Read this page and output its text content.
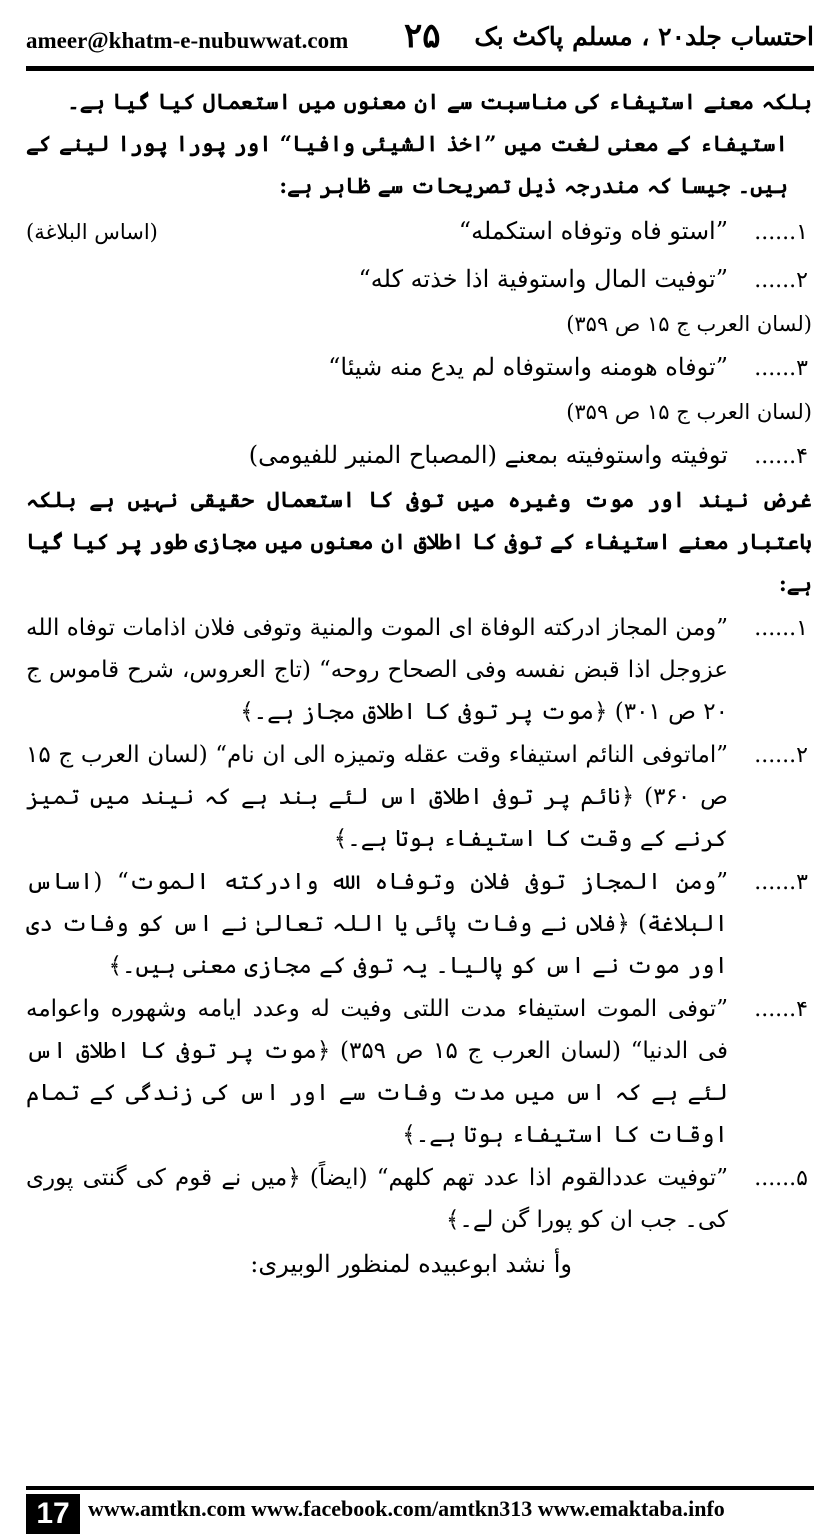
ameer@khatm-e-nubuwwat.com ۲۵ احتساب جلد۲۰ ، مسلم پاکٹ بک

بلکہ معنے استیفاء کی مناسبت سے ان معنوں میں استعمال کیا گیا ہے۔

استیفاء کے معنی لغت میں ”اخذ الشیئی وافیا“ اور پورا پورا لینے کے ہیں۔ جیسا کہ مندرجہ ذیل تصریحات سے ظاہر ہے:

۱......
”استو فاه وتوفاه استكمله“
(اساس البلاغة)
۲......
”توفيت المال واستوفية اذا خذته كله“

(لسان العرب ج ۱۵ ص ۳۵۹)

۳......
”توفاه هومنه واستوفاه لم يدع منه شيئا“

(لسان العرب ج ۱۵ ص ۳۵۹)

۴......
توفيته واستوفيته بمعنے (المصباح المنير للفيومى)

غرض نیند اور موت وغیرہ میں توفی کا استعمال حقیقی نہیں ہے بلکہ باعتبار معنے استیفاء کے توفی کا اطلاق ان معنوں میں مجازی طور پر کیا گیا ہے:

۱......
”ومن المجاز ادركته الوفاة اى الموت والمنية وتوفى فلان اذامات توفاه الله عزوجل اذا قبض نفسه وفى الصحاح روحه“ (تاج العروس، شرح قاموس ج ۲۰ ص ۳۰۱) ﴿موت پر توفی کا اطلاق مجاز ہے۔﴾
۲......
”اماتوفى النائم استيفاء وقت عقله وتميزه الى ان نام“ (لسان العرب ج ۱۵ ص ۳۶۰) ﴿نائم پر توفی اطلاق اس لئے بند ہے کہ نیند میں تمیز کرنے کے وقت کا استیفاء ہوتا ہے۔﴾
۳......
”ومن المجاز توفى فلان وتوفاه الله وادركته الموت“ (اساس البلاغة) ﴿فلاں نے وفات پائی یا اللہ تعالیٰ نے اس کو وفات دی اور موت نے اس کو پالیا۔ یہ توفی کے مجازی معنی ہیں۔﴾
۴......
”توفى الموت استيفاء مدت اللتى وفيت له وعدد ايامه وشهوره واعوامه فى الدنيا“ (لسان العرب ج ۱۵ ص ۳۵۹) ﴿موت پر توفی کا اطلاق اس لئے ہے کہ اس میں مدت وفات سے اور اس کی زندگی کے تمام اوقات کا استیفاء ہوتا ہے۔﴾
۵......
”توفيت عددالقوم اذا عدد تهم كلهم“ (ایضاً) ﴿میں نے قوم کی گنتی پوری کی۔ جب ان کو پورا گن لے۔﴾

وأ نشد ابوعبيده لمنظور الوبيرى:

17 www.amtkn.com www.facebook.com/amtkn313 www.emaktaba.info
